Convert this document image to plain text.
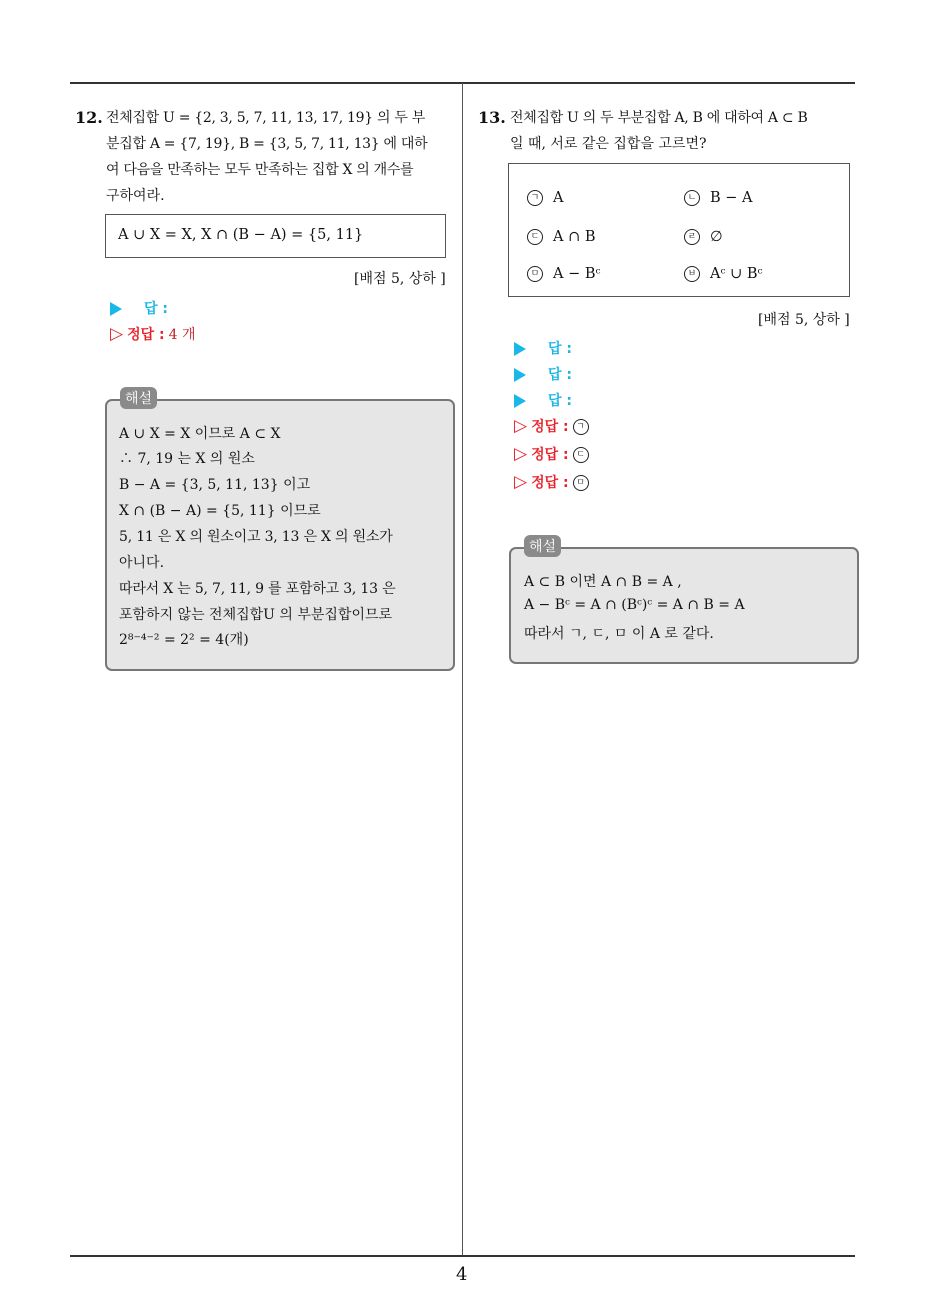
4
12. 전체집합 U = {2, 3, 5, 7, 11, 13, 17, 19} 의 두 부
분집합 A = {7, 19}, B = {3, 5, 7, 11, 13} 에 대하
여 다음을 만족하는 모두 만족하는 집합 X 의 개수를
구하여라.
A ∪ X = X, X ∩ (B − A) = {5, 11}
[배점 5, 상하 ]
답 :
▷ 정답 : 4 개
A ∪ X = X 이므로 A ⊂ X
∴ 7, 19 는 X 의 원소
B − A = {3, 5, 11, 13} 이고
X ∩ (B − A) = {5, 11} 이므로
5, 11 은 X 의 원소이고 3, 13 은 X 의 원소가
아니다.
따라서 X 는 5, 7, 11, 9 를 포함하고 3, 13 은
포함하지 않는 전체집합U 의 부분집합이므로
2⁸⁻⁴⁻² = 2² = 4(개)
해설
13. 전체집합 U 의 두 부분집합 A, B 에 대하여 A ⊂ B
일 때, 서로 같은 집합을 고르면?
ㄱ A	ㄴ B − A
ㄷ A ∩ B	ㄹ ∅
ㅁ A − Bᶜ	ㅂ Aᶜ ∪ Bᶜ
[배점 5, 상하 ]
답 :
답 :
답 :
▷ 정답 : ㄱ
▷ 정답 : ㄷ
▷ 정답 : ㅁ
A ⊂ B 이면 A ∩ B = A ,
A − Bᶜ = A ∩ (Bᶜ)ᶜ = A ∩ B = A
따라서 ㄱ, ㄷ, ㅁ 이 A 로 같다.
해설
